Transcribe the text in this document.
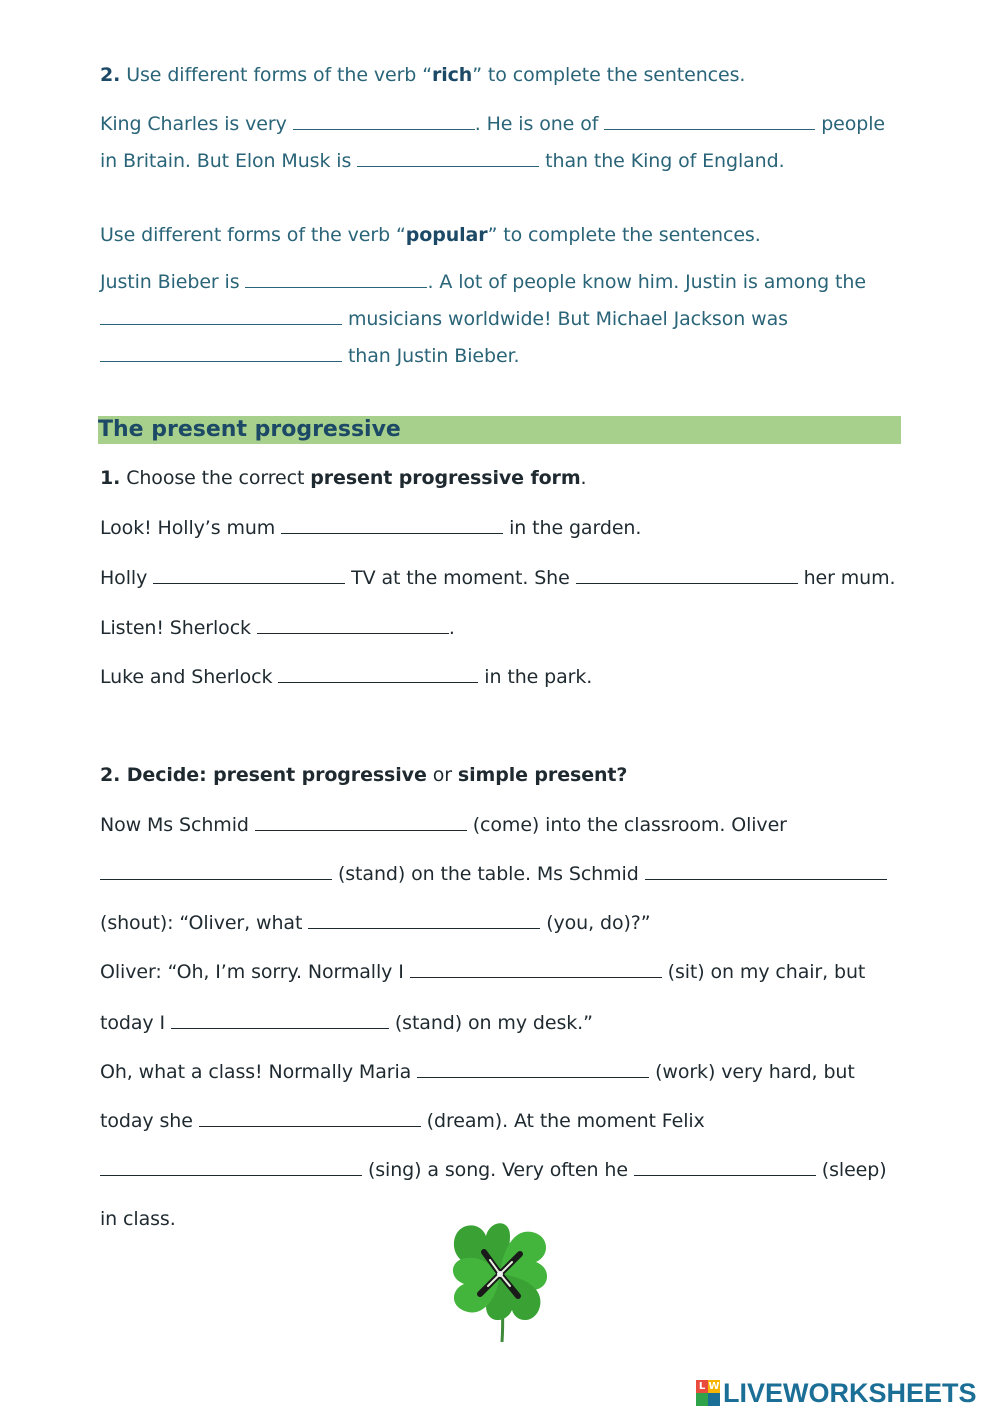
2. Use different forms of the verb “rich” to complete the sentences.
King Charles is very	. He is one of	people
in Britain. But Elon Musk is	than the King of England.
Use different forms of the verb “popular” to complete the sentences.
Justin Bieber is	. A lot of people know him. Justin is among the
musicians worldwide! But Michael Jackson was
than Justin Bieber.
The present progressive
1. Choose the correct present progressive form.
Look! Holly’s mum	in the garden.
Holly	TV at the moment. She	her mum.
Listen! Sherlock	.
Luke and Sherlock	in the park.
2. Decide: present progressive or simple present?
Now Ms Schmid	(come) into the classroom. Oliver
(stand) on the table. Ms Schmid
(shout): “Oliver, what	(you, do)?”
Oliver: “Oh, I’m sorry. Normally I	(sit) on my chair, but
today I	(stand) on my desk.”
Oh, what a class! Normally Maria	(work) very hard, but
today she	(dream). At the moment Felix
(sing) a song. Very often he	(sleep)
in class.
L W LIVEWORKSHEETS
